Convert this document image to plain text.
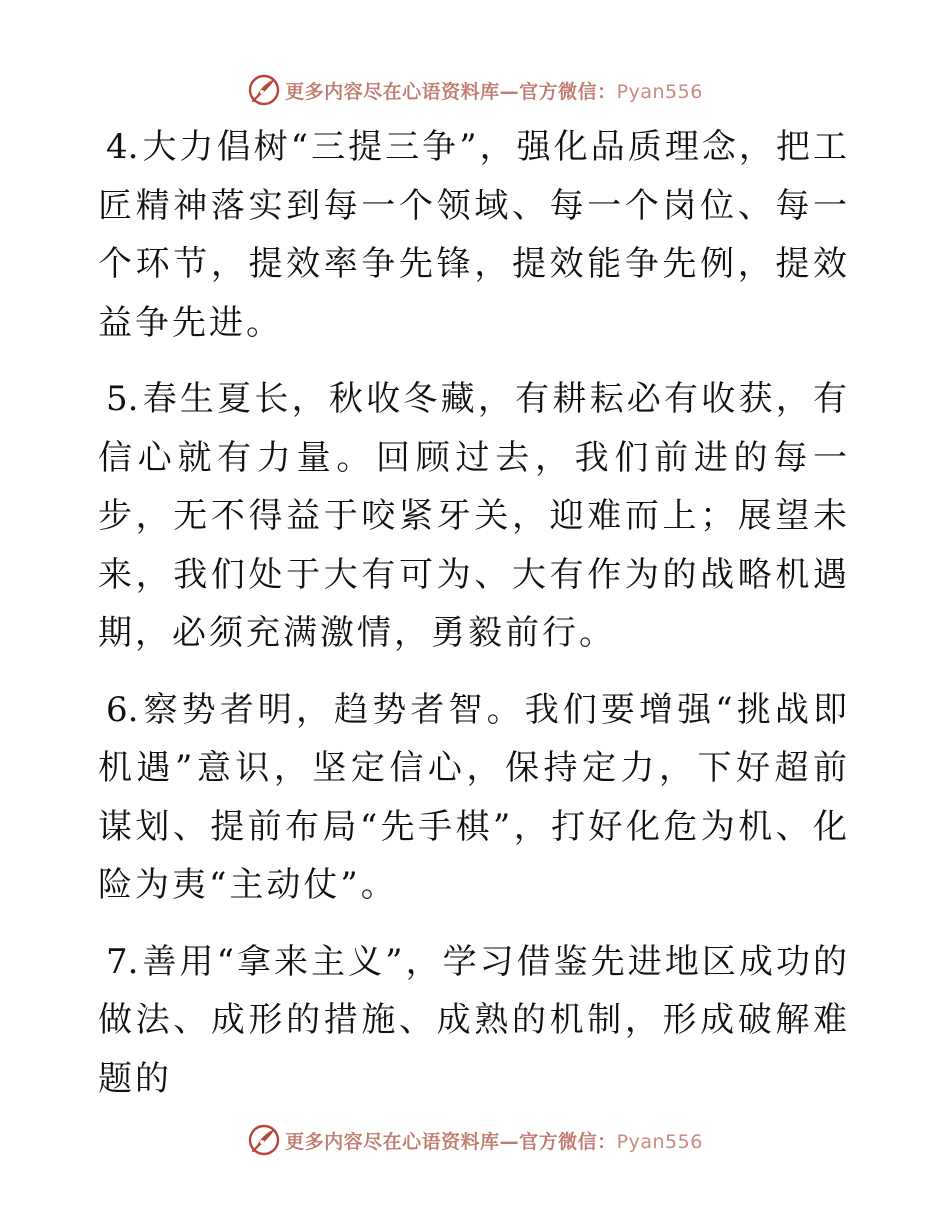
更多内容尽在心语资料库—官方微信：Pyan556

4. 大力倡树“三提三争”，强化品质理念，把工匠精神落实到每一个领域、每一个岗位、每一个环节，提效率争先锋，提效能争先例，提效益争先进。

5. 春生夏长，秋收冬藏，有耕耘必有收获，有信心就有力量。回顾过去，我们前进的每一步，无不得益于咬紧牙关，迎难而上；展望未来，我们处于大有可为、大有作为的战略机遇期，必须充满激情，勇毅前行。

6. 察势者明，趋势者智。我们要增强“挑战即机遇”意识，坚定信心，保持定力，下好超前谋划、提前布局“先手棋”，打好化危为机、化险为夷“主动仗”。

7. 善用“拿来主义”，学习借鉴先进地区成功的做法、成形的措施、成熟的机制，形成破解难题的

更多内容尽在心语资料库—官方微信：Pyan556
